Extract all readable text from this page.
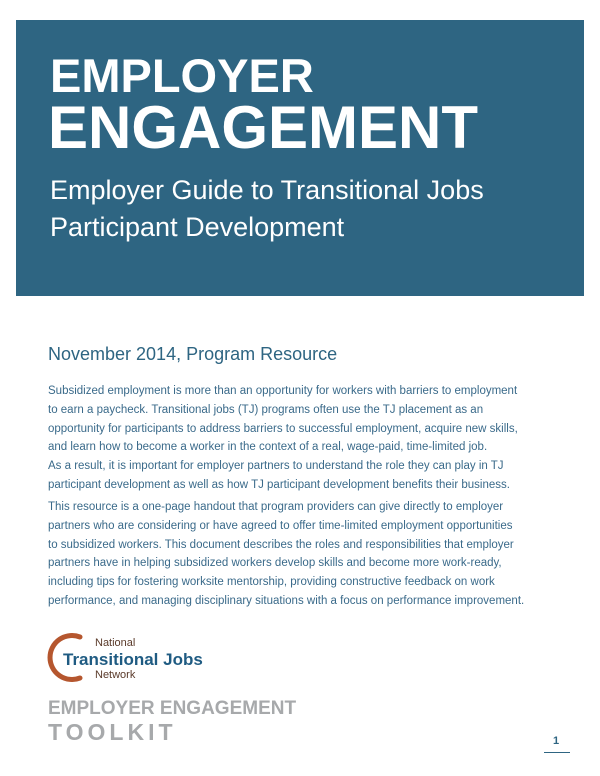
EMPLOYER
ENGAGEMENT
Employer Guide to Transitional Jobs
Participant Development
November 2014, Program Resource
Subsidized employment is more than an opportunity for workers with barriers to employment
to earn a paycheck. Transitional jobs (TJ) programs often use the TJ placement as an
opportunity for participants to address barriers to successful employment, acquire new skills,
and learn how to become a worker in the context of a real, wage-paid, time-limited job.
As a result, it is important for employer partners to understand the role they can play in TJ
participant development as well as how TJ participant development benefits their business.
This resource is a one-page handout that program providers can give directly to employer
partners who are considering or have agreed to offer time-limited employment opportunities
to subsidized workers. This document describes the roles and responsibilities that employer
partners have in helping subsidized workers develop skills and become more work-ready,
including tips for fostering worksite mentorship, providing constructive feedback on work
performance, and managing disciplinary situations with a focus on performance improvement.
National
Transitional Jobs
Network
EMPLOYER ENGAGEMENT
TOOLKIT	1
